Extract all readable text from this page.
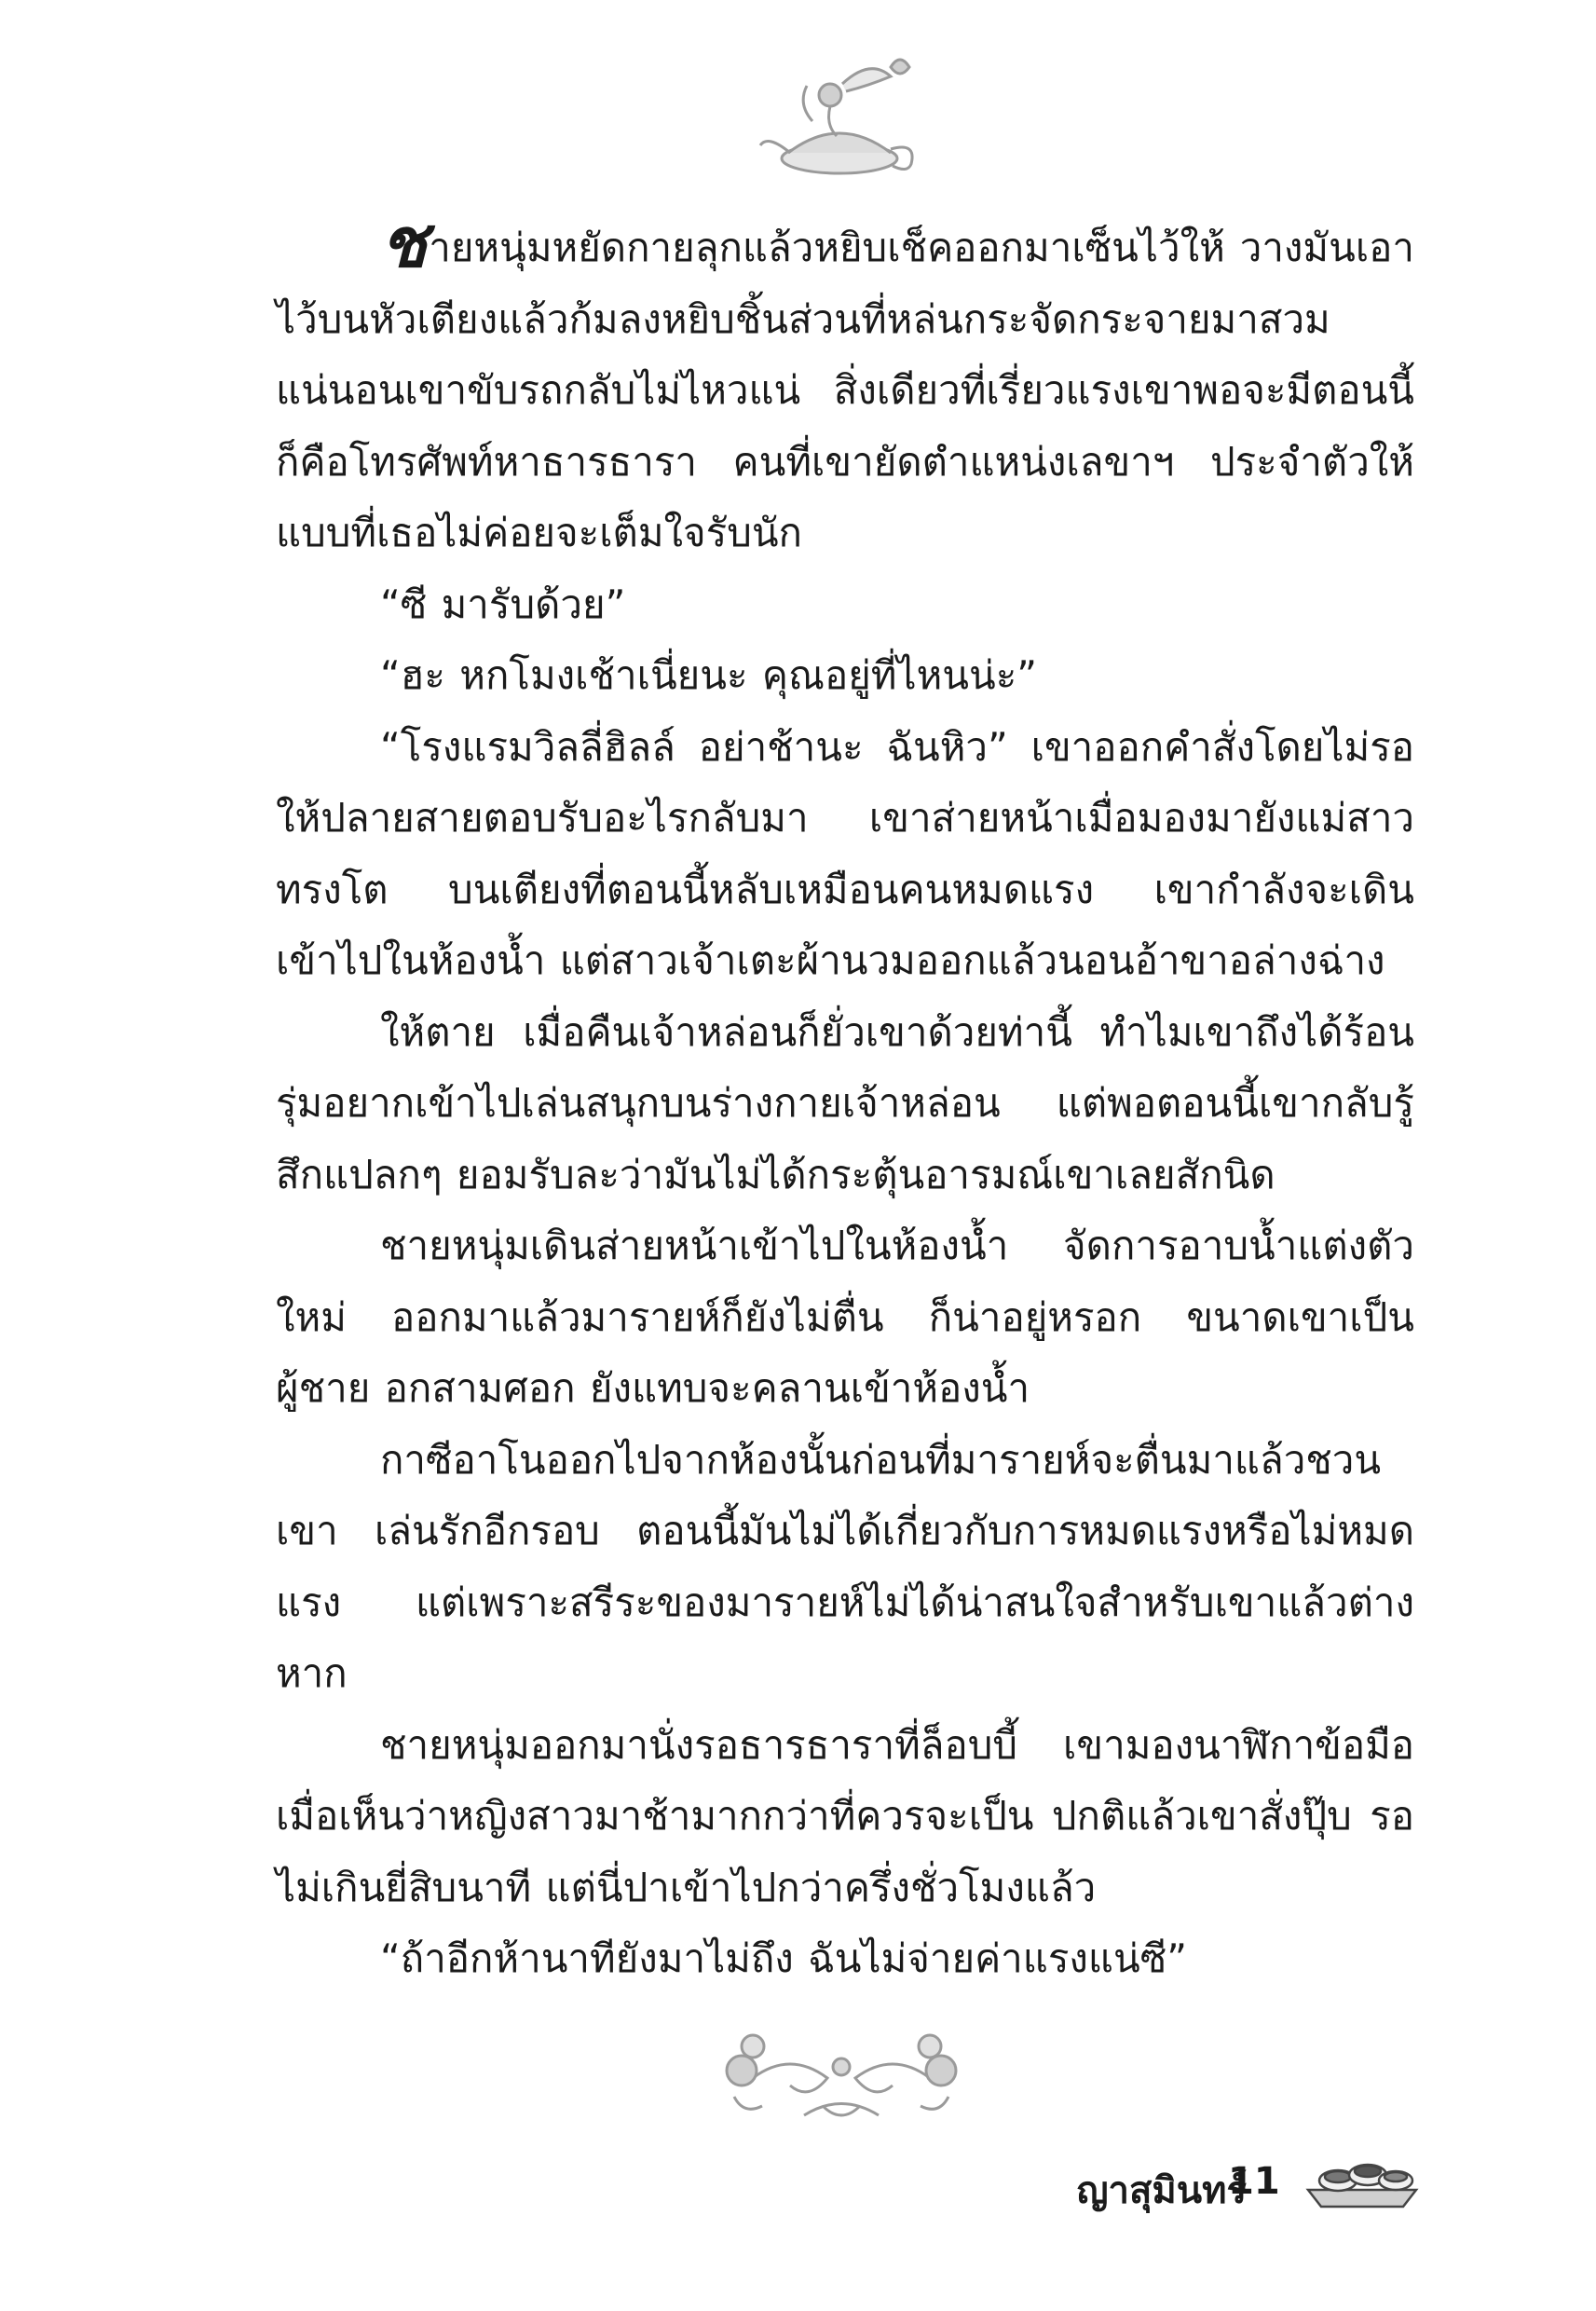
ชายหนุ่มหยัดกายลุกแล้วหยิบเช็คออกมาเซ็นไว้ให้ วางมันเอาไว้บนหัวเตียงแล้วก้มลงหยิบชิ้นส่วนที่หล่นกระจัดกระจายมาสวม แน่นอนเขาขับรถกลับไม่ไหวแน่ สิ่งเดียวที่เรี่ยวแรงเขาพอจะมีตอนนี้ก็คือโทรศัพท์หาธารธารา คนที่เขายัดตำแหน่งเลขาฯ ประจำตัวให้ แบบที่เธอไม่ค่อยจะเต็มใจรับนัก

“ซี มารับด้วย”

“ฮะ หกโมงเช้าเนี่ยนะ คุณอยู่ที่ไหนน่ะ”

“โรงแรมวิลลี่ฮิลล์ อย่าช้านะ ฉันหิว” เขาออกคำสั่งโดยไม่รอให้ปลายสายตอบรับอะไรกลับมา เขาส่ายหน้าเมื่อมองมายังแม่สาวทรงโต บนเตียงที่ตอนนี้หลับเหมือนคนหมดแรง เขากำลังจะเดินเข้าไปในห้องน้ำ แต่สาวเจ้าเตะผ้านวมออกแล้วนอนอ้าขาอล่างฉ่าง

ให้ตาย เมื่อคืนเจ้าหล่อนก็ยั่วเขาด้วยท่านี้ ทำไมเขาถึงได้ร้อนรุ่มอยากเข้าไปเล่นสนุกบนร่างกายเจ้าหล่อน แต่พอตอนนี้เขากลับรู้สึกแปลกๆ ยอมรับละว่ามันไม่ได้กระตุ้นอารมณ์เขาเลยสักนิด

ชายหนุ่มเดินส่ายหน้าเข้าไปในห้องน้ำ จัดการอาบน้ำแต่งตัวใหม่ ออกมาแล้วมารายห์ก็ยังไม่ตื่น ก็น่าอยู่หรอก ขนาดเขาเป็นผู้ชาย อกสามศอก ยังแทบจะคลานเข้าห้องน้ำ

กาซีอาโนออกไปจากห้องนั้นก่อนที่มารายห์จะตื่นมาแล้วชวนเขา เล่นรักอีกรอบ ตอนนี้มันไม่ได้เกี่ยวกับการหมดแรงหรือไม่หมดแรง แต่เพราะสรีระของมารายห์ไม่ได้น่าสนใจสำหรับเขาแล้วต่างหาก

ชายหนุ่มออกมานั่งรอธารธาราที่ล็อบบี้ เขามองนาฬิกาข้อมือ เมื่อเห็นว่าหญิงสาวมาช้ามากกว่าที่ควรจะเป็น ปกติแล้วเขาสั่งปุ๊บ รอไม่เกินยี่สิบนาที แต่นี่ปาเข้าไปกว่าครึ่งชั่วโมงแล้ว

“ถ้าอีกห้านาทียังมาไม่ถึง ฉันไม่จ่ายค่าแรงแน่ซี”

ญาสุมินทร์
11
